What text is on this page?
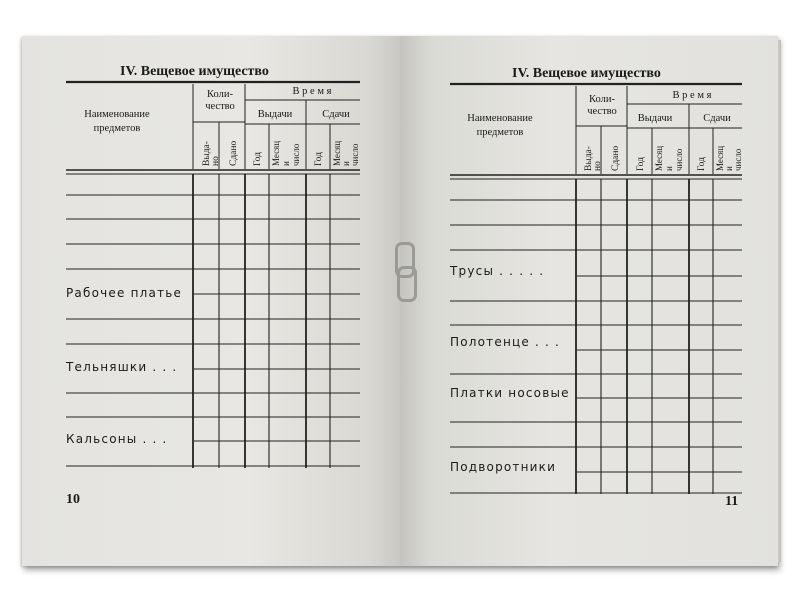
IV. Вещевое имущество
Наименование
предметов
Коли-
чество
В р е м я
Выдачи	Сдачи
Выда- но Сдано Год Месяц и число Год Месяц и число
Рабочее платье
Тельняшки . . .
Кальсоны . . .
10
IV. Вещевое имущество
Наименование
предметов
Коли-
чество
В р е м я
Выдачи	Сдачи
Выда- но Сдано Год Месяц и число Год Месяц и число
Трусы . . . . .
Полотенце . . .
Платки носовые
Подворотники
11
